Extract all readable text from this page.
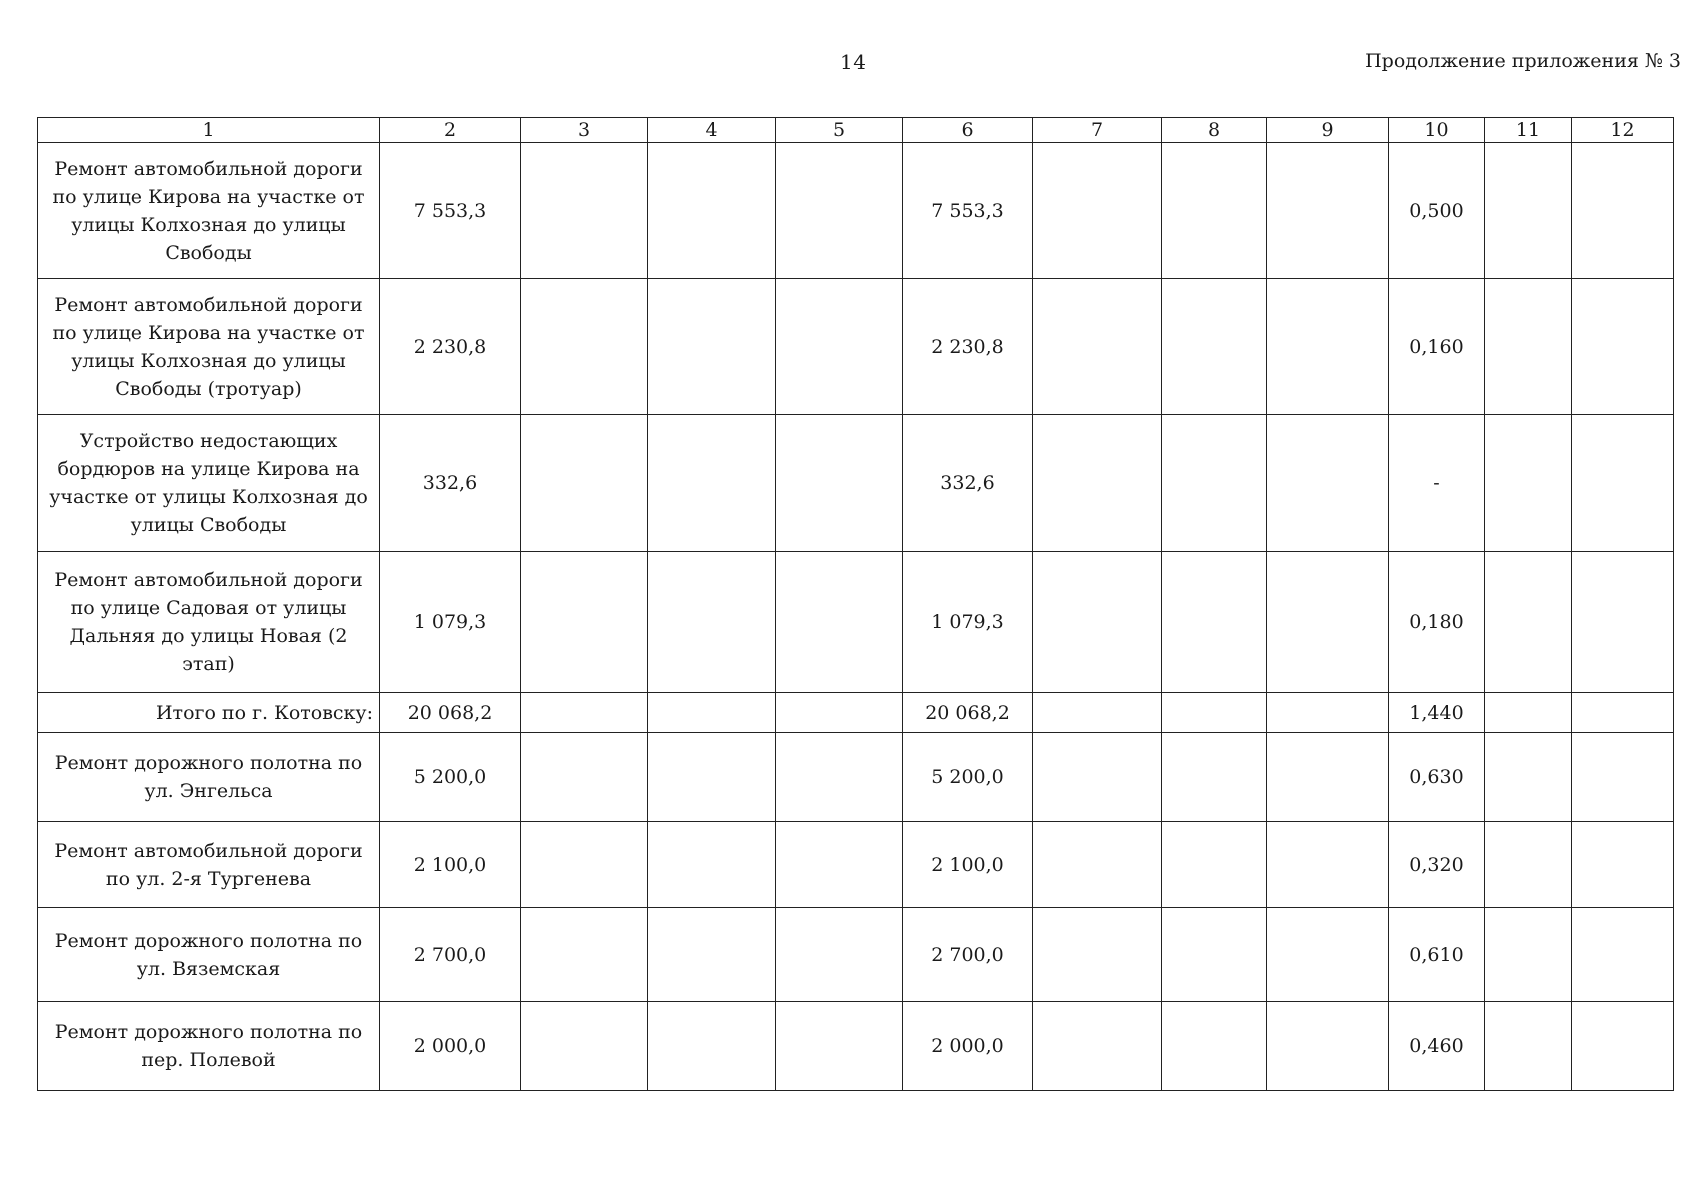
14	Продолжение приложения № 3
1	2	3	4	5	6	7	8	9	10	11	12
Ремонт автомобильной дороги по улице Кирова на участке от улицы Колхозная до улицы Свободы	7 553,3				7 553,3				0,500		
Ремонт автомобильной дороги по улице Кирова на участке от улицы Колхозная до улицы Свободы (тротуар)	2 230,8				2 230,8				0,160		
Устройство недостающих бордюров на улице Кирова на участке от улицы Колхозная до улицы Свободы	332,6				332,6				-		
Ремонт автомобильной дороги по улице Садовая от улицы Дальняя до улицы Новая (2 этап)	1 079,3				1 079,3				0,180		
Итого по г. Котовску:	20 068,2				20 068,2				1,440		
Ремонт дорожного полотна по ул. Энгельса	5 200,0				5 200,0				0,630		
Ремонт автомобильной дороги по ул. 2-я Тургенева	2 100,0				2 100,0				0,320		
Ремонт дорожного полотна по ул. Вяземская	2 700,0				2 700,0				0,610		
Ремонт дорожного полотна по пер. Полевой	2 000,0				2 000,0				0,460		
